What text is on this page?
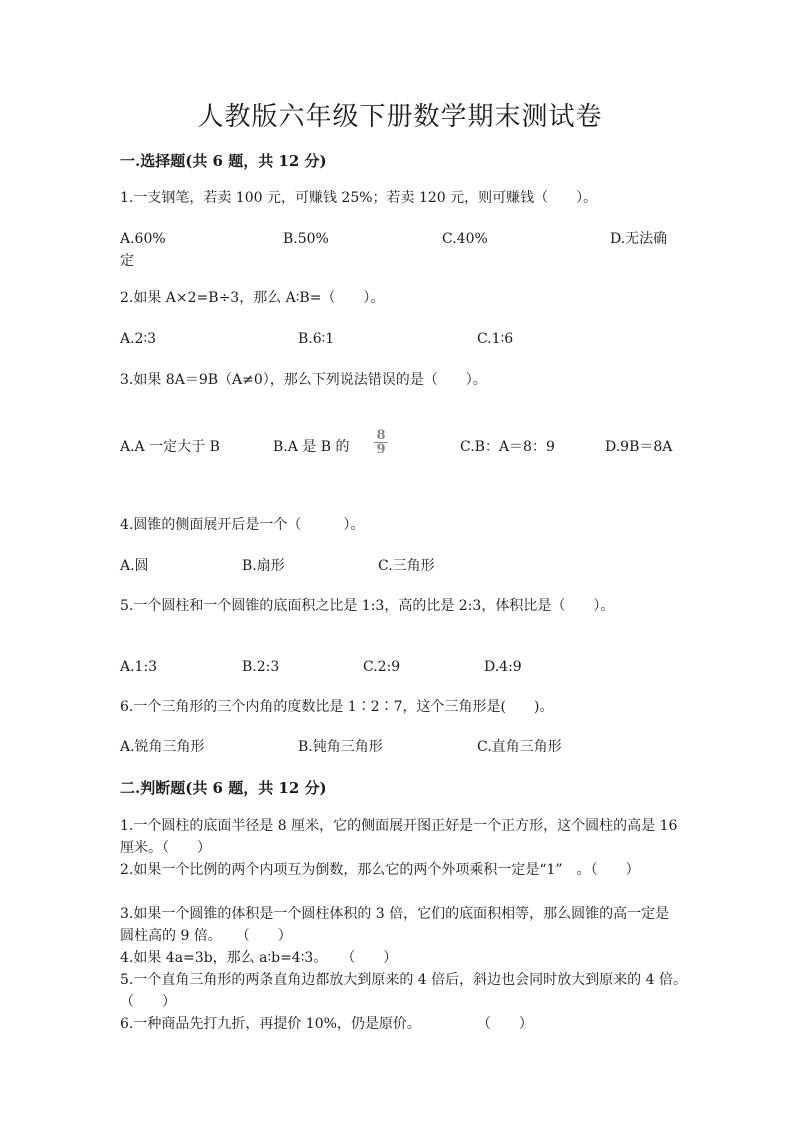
人教版六年级下册数学期末测试卷
一.选择题(共 6 题，共 12 分)
1.一支钢笔，若卖 100 元，可赚钱 25%；若卖 120 元，则可赚钱（　　）。
A.60%	B.50%	C.40%	D.无法确
定
2.如果 A×2=B÷3，那么 A∶B=（　　）。
A.2∶3	B.6∶1	C.1∶6
3.如果 8A＝9B（A≠0），那么下列说法错误的是（　　）。
A.A 一定大于 B	B.A 是 B 的
8
9	C.B：A＝8：9	D.9B＝8A
4.圆锥的侧面展开后是一个（　　　）。
A.圆	B.扇形	C.三角形
5.一个圆柱和一个圆锥的底面积之比是 1:3，高的比是 2:3，体积比是（　　）。
A.1:3	B.2:3	C.2:9	D.4:9
6.一个三角形的三个内角的度数比是 1∶2∶7，这个三角形是(　　)。
A.锐角三角形	B.钝角三角形	C.直角三角形
二.判断题(共 6 题，共 12 分)
1.一个圆柱的底面半径是 8 厘米，它的侧面展开图正好是一个正方形，这个圆柱的高是 16 厘米。（　　）
2.如果一个比例的两个内项互为倒数，那么它的两个外项乘积一定是“1”　。（　　）
3.如果一个圆锥的体积是一个圆柱体积的 3 倍，它们的底面积相等，那么圆锥的高一定是圆柱高的 9 倍。　　（　　）
4.如果 4a=3b，那么 a∶b=4∶3。　　（　　）
5.一个直角三角形的两条直角边都放大到原来的 4 倍后，斜边也会同时放大到原来的 4 倍。　　（　　）
6.一种商品先打九折，再提价 10%，仍是原价。　　　　　（　　）
